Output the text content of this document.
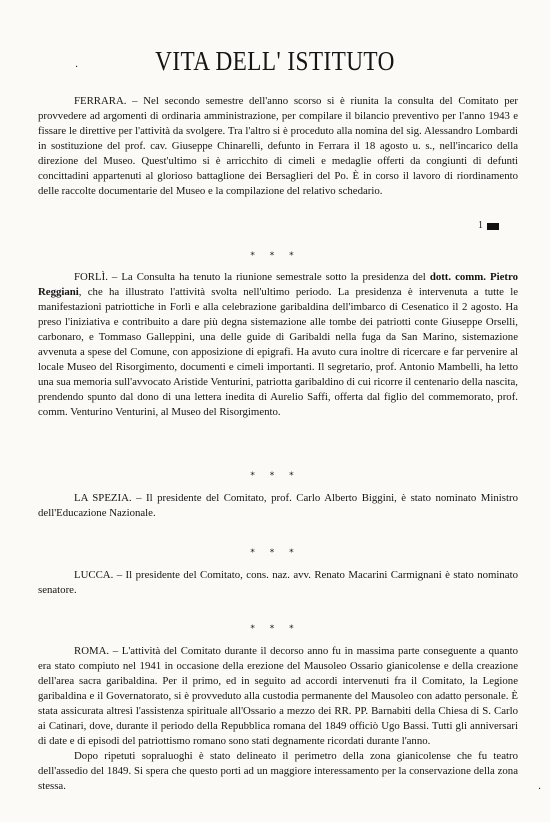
·	VITA DELL' ISTITUTO

FERRARA. – Nel secondo semestre dell'anno scorso si è riunita la consulta del Comitato per provvedere ad argomenti di ordinaria amministrazione, per compilare il bilancio preventivo per l'anno 1943 e fissare le direttive per l'attività da svolgere. Tra l'altro si è proceduto alla nomina del sig. Alessandro Lombardi in sostituzione del prof. cav. Giuseppe Chinarelli, defunto in Ferrara il 18 agosto u. s., nell'incarico della direzione del Museo. Quest'ultimo si è arricchito di cimeli e medaglie offerti da congiunti di defunti concittadini appartenuti al glorioso battaglione dei Bersaglieri del Po. È in corso il lavoro di riordinamento delle raccolte documentarie del Museo e la compilazione del relativo schedario.

1
* * *

FORLÌ. – La Consulta ha tenuto la riunione semestrale sotto la presidenza del dott. comm. Pietro Reggiani, che ha illustrato l'attività svolta nell'ultimo periodo. La presidenza è intervenuta a tutte le manifestazioni patriottiche in Forlì e alla celebrazione garibaldina dell'imbarco di Cesenatico il 2 agosto. Ha preso l'iniziativa e contribuito a dare più degna sistemazione alle tombe dei patriotti conte Giuseppe Orselli, carbonaro, e Tommaso Galleppini, una delle guide di Garibaldi nella fuga da San Marino, sistemazione avvenuta a spese del Comune, con apposizione di epigrafi. Ha avuto cura inoltre di ricercare e far pervenire al locale Museo del Risorgimento, documenti e cimeli importanti. Il segretario, prof. Antonio Mambelli, ha letto una sua memoria sull'avvocato Aristide Venturini, patriotta garibaldino di cui ricorre il centenario della nascita, prendendo spunto dal dono di una lettera inedita di Aurelio Saffi, offerta dal figlio del commemorato, prof. comm. Venturino Venturini, al Museo del Risorgimento.

* * *

LA SPEZIA. – Il presidente del Comitato, prof. Carlo Alberto Biggini, è stato nominato Ministro dell'Educazione Nazionale.

* * *

LUCCA. – Il presidente del Comitato, cons. naz. avv. Renato Macarini Carmignani è stato nominato senatore.

* * *

ROMA. – L'attività del Comitato durante il decorso anno fu in massima parte conseguente a quanto era stato compiuto nel 1941 in occasione della erezione del Mausoleo Ossario gianicolense e della creazione dell'area sacra garibaldina. Per il primo, ed in seguito ad accordi intervenuti fra il Comitato, la Legione garibaldina e il Governatorato, si è provveduto alla custodia permanente del Mausoleo con adatto personale. È stata assicurata altresì l'assistenza spirituale all'Ossario a mezzo dei RR. PP. Barnabiti della Chiesa di S. Carlo ai Catinari, dove, durante il periodo della Repubblica romana del 1849 officiò Ugo Bassi. Tutti gli anniversari di date e di episodi del patriottismo romano sono stati degnamente ricordati durante l'anno.

Dopo ripetuti sopraluoghi è stato delineato il perimetro della zona gianicolense che fu teatro dell'assedio del 1849. Si spera che questo porti ad un maggiore interessamento per la conservazione della zona stessa.	·
